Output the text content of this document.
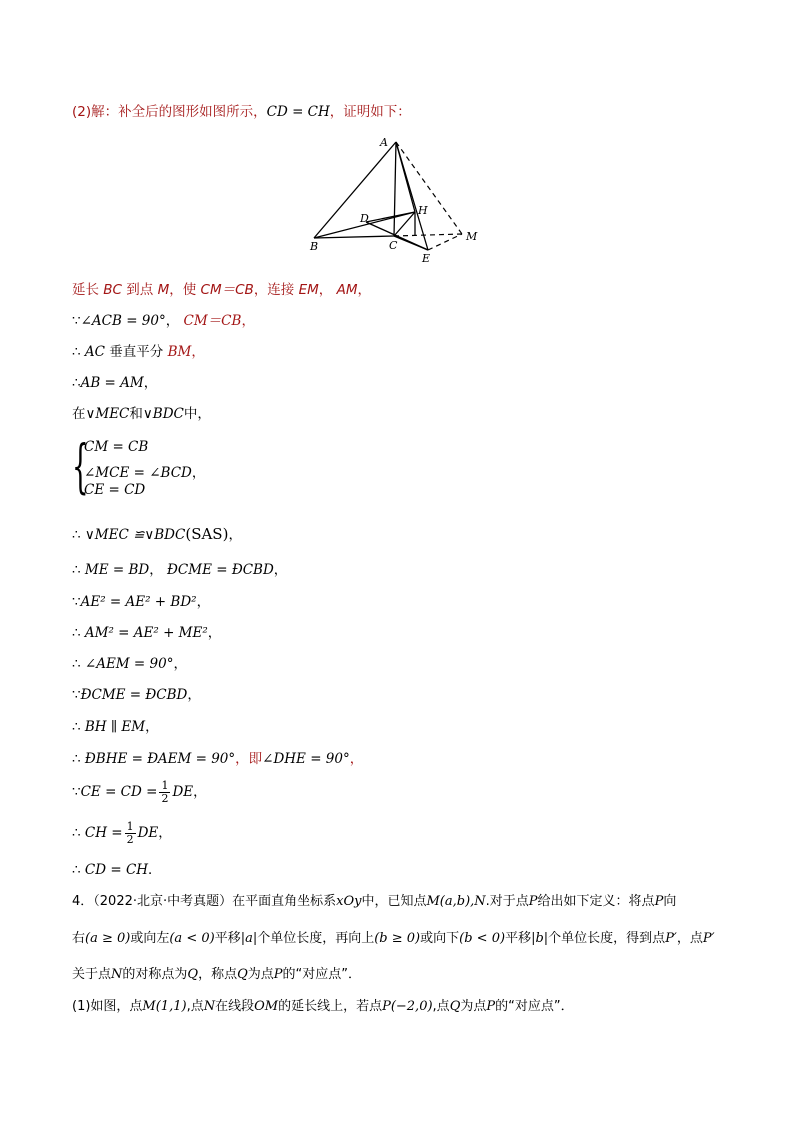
(2)解：补全后的图形如图所示，CD = CH，证明如下：
A
D
H
B	C
E
M
延长 BC 到点 M，使 CM＝CB，连接 EM， AM，
∵∠ACB = 90°， CM＝CB，
∴ AC 垂直平分 BM，
∴AB = AM，
在∨MEC和∨BDC中，
{
CM = CB
∠MCE = ∠BCD，
CE = CD
∴ ∨MEC ≌∨BDC(SAS)，
∴ ME = BD， ÐCME = ÐCBD，
∵AE² = AE² + BD²，
∴ AM² = AE² + ME²，
∴ ∠AEM = 90°，
∵ÐCME = ÐCBD，
∴ BH ∥ EM，
∴ ÐBHE = ÐAEM = 90°，即∠DHE = 90°，
∵CE = CD = $\frac{1}{2}$ DE，
∴ CH = $\frac{1}{2}$ DE，
∴ CD = CH．
4．（2022·北京·中考真题）在平面直角坐标系xOy中，已知点M(a,b),N.对于点P给出如下定义：将点P向
右(a ≥ 0)或向左(a < 0)平移|a|个单位长度，再向上(b ≥ 0)或向下(b < 0)平移|b|个单位长度，得到点P′，点P′
关于点N的对称点为Q，称点Q为点P的“对应点”．
(1)如图，点M(1,1),点N在线段OM的延长线上，若点P(−2,0),点Q为点P的“对应点”．
